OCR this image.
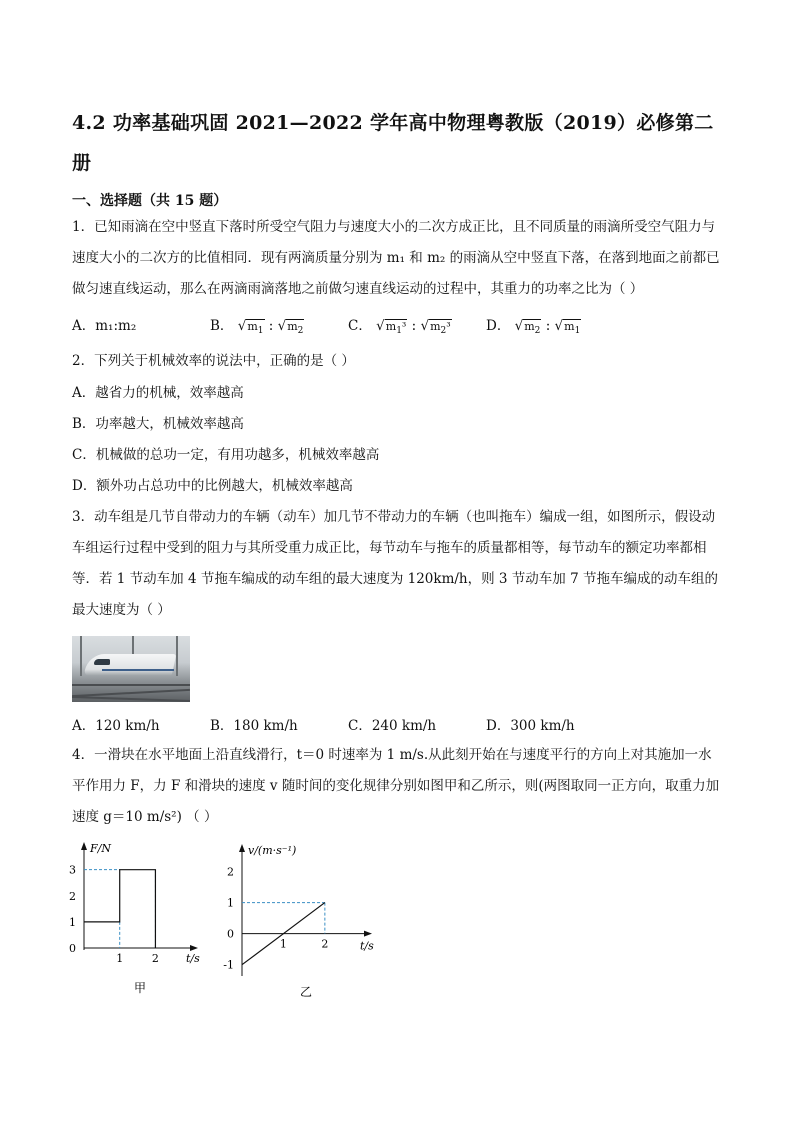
4.2 功率基础巩固 2021—2022 学年高中物理粤教版（2019）必修第二册
一、选择题（共 15 题）
1．已知雨滴在空中竖直下落时所受空气阻力与速度大小的二次方成正比，且不同质量的雨滴所受空气阻力与速度大小的二次方的比值相同．现有两滴质量分别为 m₁ 和 m₂ 的雨滴从空中竖直下落，在落到地面之前都已做匀速直线运动，那么在两滴雨滴落地之前做匀速直线运动的过程中，其重力的功率之比为（ ）
A．m₁:m₂	B． $√m_1$ : $√m_2$	C． $√m_1^3$ : $√m_2^3$	D． $√m_2$ : $√m_1$
2．下列关于机械效率的说法中，正确的是（ ）
A．越省力的机械，效率越高
B．功率越大，机械效率越高
C．机械做的总功一定，有用功越多，机械效率越高
D．额外功占总功中的比例越大，机械效率越高
3．动车组是几节自带动力的车辆（动车）加几节不带动力的车辆（也叫拖车）编成一组，如图所示，假设动车组运行过程中受到的阻力与其所受重力成正比，每节动车与拖车的质量都相等，每节动车的额定功率都相等．若 1 节动车加 4 节拖车编成的动车组的最大速度为 120km/h，则 3 节动车加 7 节拖车编成的动车组的最大速度为（ ）
A．120 km/h	B．180 km/h	C．240 km/h	D．300 km/h
4．一滑块在水平地面上沿直线滑行，t＝0 时速率为 1 m/s.从此刻开始在与速度平行的方向上对其施加一水平作用力 F，力 F 和滑块的速度 v 随时间的变化规律分别如图甲和乙所示，则(两图取同一正方向，取重力加速度 g＝10 m/s²) （ ）
0
1
2
3
1	2
F/N
t/s
甲
-1
0
1
2
1	2
v/(m·s⁻¹)
t/s
乙
